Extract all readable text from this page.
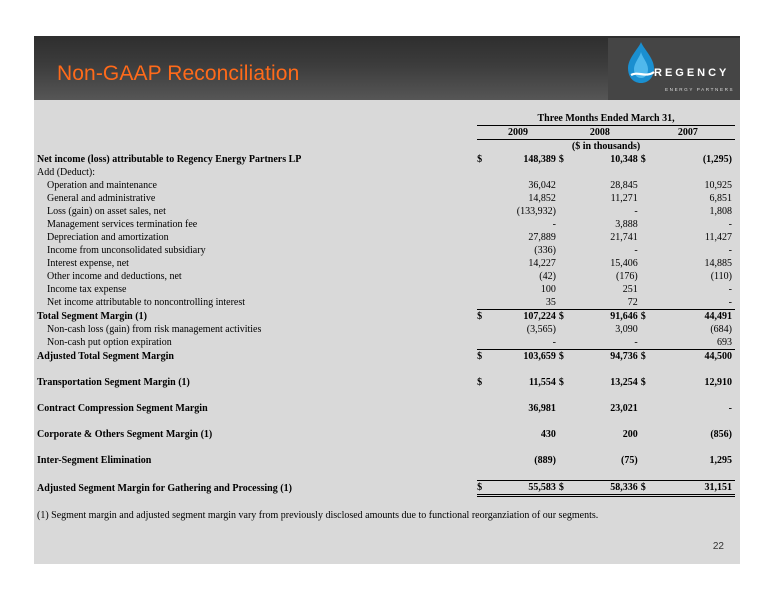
Non-GAAP Reconciliation	REGENCY
ENERGY PARTNERS
	Three Months Ended March 31,					
	2009		2008		2007	
	($ in thousands)					
Net income (loss) attributable to Regency Energy Partners LP	$	148,389	$	10,348	$	(1,295)
Add (Deduct):						
Operation and maintenance		36,042		28,845		10,925
General and administrative		14,852		11,271		6,851
Loss (gain) on asset sales, net		(133,932)		-		1,808
Management services termination fee		-		3,888		-
Depreciation and amortization		27,889		21,741		11,427
Income from unconsolidated subsidiary		(336)		-		-
Interest expense, net		14,227		15,406		14,885
Other income and deductions, net		(42)		(176)		(110)
Income tax expense		100		251		-
Net income attributable to noncontrolling interest		35		72		-
Total Segment Margin (1)	$	107,224	$	91,646	$	44,491
Non-cash loss (gain) from risk management activities		(3,565)		3,090		(684)
Non-cash put option expiration		-		-		693
Adjusted Total Segment Margin	$	103,659	$	94,736	$	44,500

Transportation Segment Margin (1)	$	11,554	$	13,254	$	12,910

Contract Compression Segment Margin		36,981		23,021		-

Corporate & Others Segment Margin (1)		430		200		(856)

Inter-Segment Elimination		(889)		(75)		1,295

Adjusted Segment Margin for Gathering and Processing (1)	$	55,583	$	58,336	$	31,151
(1) Segment margin and adjusted segment margin vary from previously disclosed amounts due to functional reorganziation of our segments.
22
